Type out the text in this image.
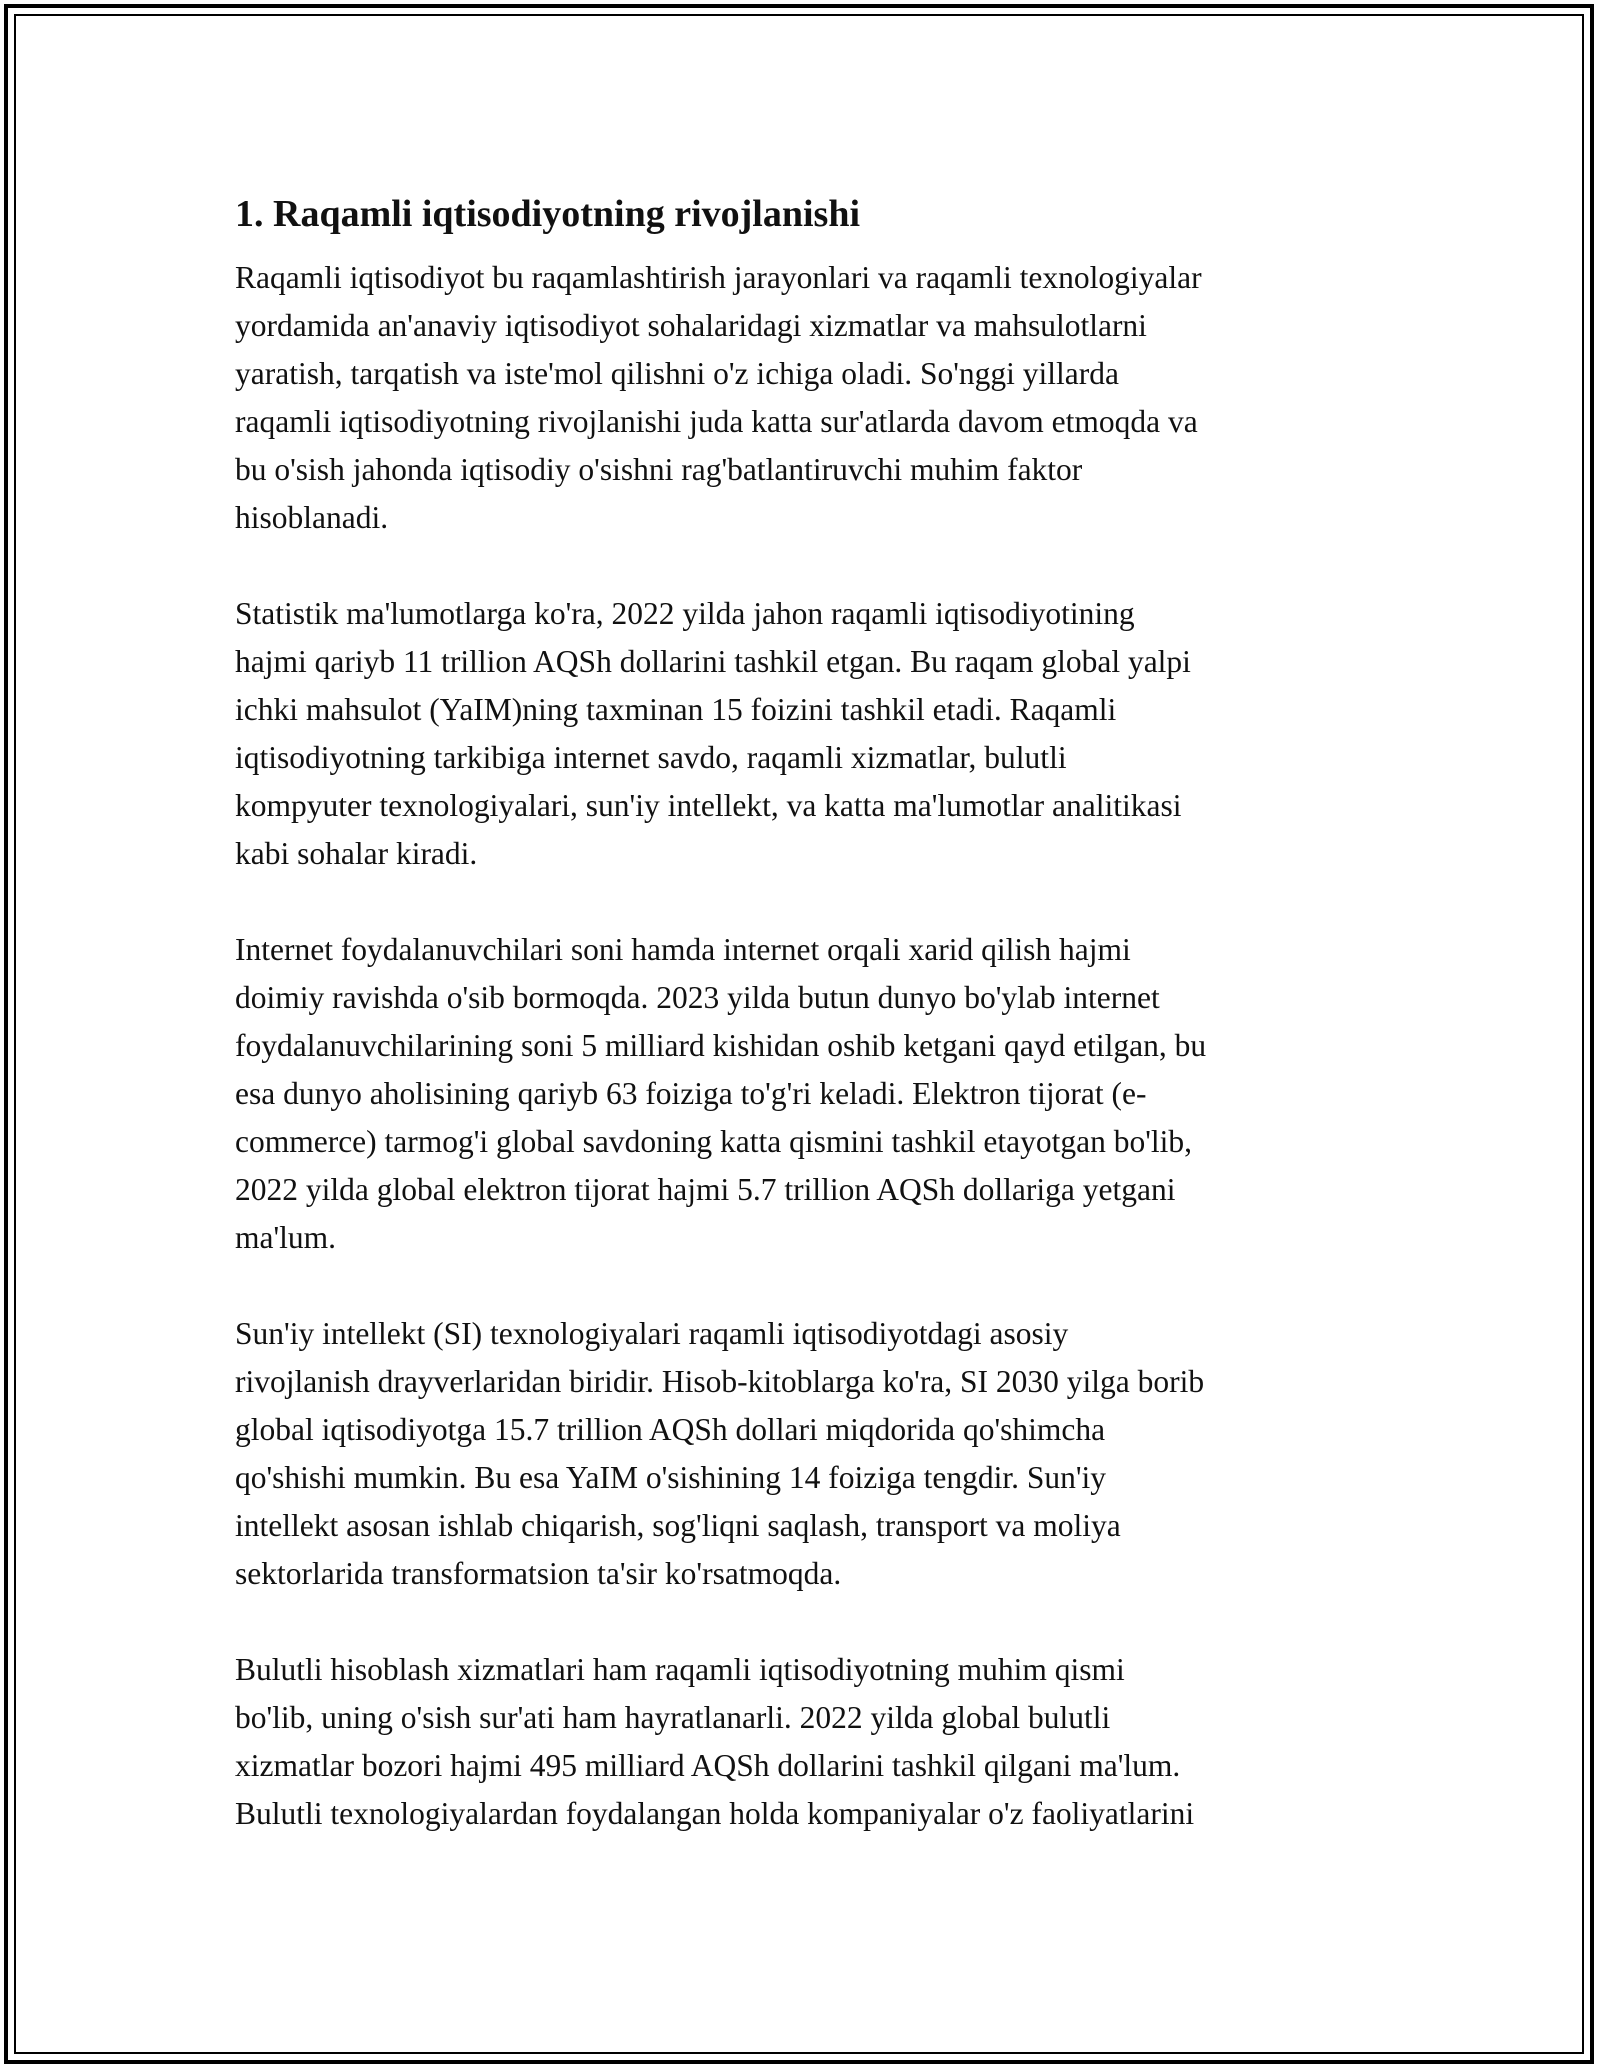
1. Raqamli iqtisodiyotning rivojlanishi

Raqamli iqtisodiyot bu raqamlashtirish jarayonlari va raqamli texnologiyalar
yordamida an'anaviy iqtisodiyot sohalaridagi xizmatlar va mahsulotlarni
yaratish, tarqatish va iste'mol qilishni o'z ichiga oladi. So'nggi yillarda
raqamli iqtisodiyotning rivojlanishi juda katta sur'atlarda davom etmoqda va
bu o'sish jahonda iqtisodiy o'sishni rag'batlantiruvchi muhim faktor
hisoblanadi.

Statistik ma'lumotlarga ko'ra, 2022 yilda jahon raqamli iqtisodiyotining
hajmi qariyb 11 trillion AQSh dollarini tashkil etgan. Bu raqam global yalpi
ichki mahsulot (YaIM)ning taxminan 15 foizini tashkil etadi. Raqamli
iqtisodiyotning tarkibiga internet savdo, raqamli xizmatlar, bulutli
kompyuter texnologiyalari, sun'iy intellekt, va katta ma'lumotlar analitikasi
kabi sohalar kiradi.

Internet foydalanuvchilari soni hamda internet orqali xarid qilish hajmi
doimiy ravishda o'sib bormoqda. 2023 yilda butun dunyo bo'ylab internet
foydalanuvchilarining soni 5 milliard kishidan oshib ketgani qayd etilgan, bu
esa dunyo aholisining qariyb 63 foiziga to'g'ri keladi. Elektron tijorat (e-
commerce) tarmog'i global savdoning katta qismini tashkil etayotgan bo'lib,
2022 yilda global elektron tijorat hajmi 5.7 trillion AQSh dollariga yetgani
ma'lum.

Sun'iy intellekt (SI) texnologiyalari raqamli iqtisodiyotdagi asosiy
rivojlanish drayverlaridan biridir. Hisob-kitoblarga ko'ra, SI 2030 yilga borib
global iqtisodiyotga 15.7 trillion AQSh dollari miqdorida qo'shimcha
qo'shishi mumkin. Bu esa YaIM o'sishining 14 foiziga tengdir. Sun'iy
intellekt asosan ishlab chiqarish, sog'liqni saqlash, transport va moliya
sektorlarida transformatsion ta'sir ko'rsatmoqda.

Bulutli hisoblash xizmatlari ham raqamli iqtisodiyotning muhim qismi
bo'lib, uning o'sish sur'ati ham hayratlanarli. 2022 yilda global bulutli
xizmatlar bozori hajmi 495 milliard AQSh dollarini tashkil qilgani ma'lum.
Bulutli texnologiyalardan foydalangan holda kompaniyalar o'z faoliyatlarini
